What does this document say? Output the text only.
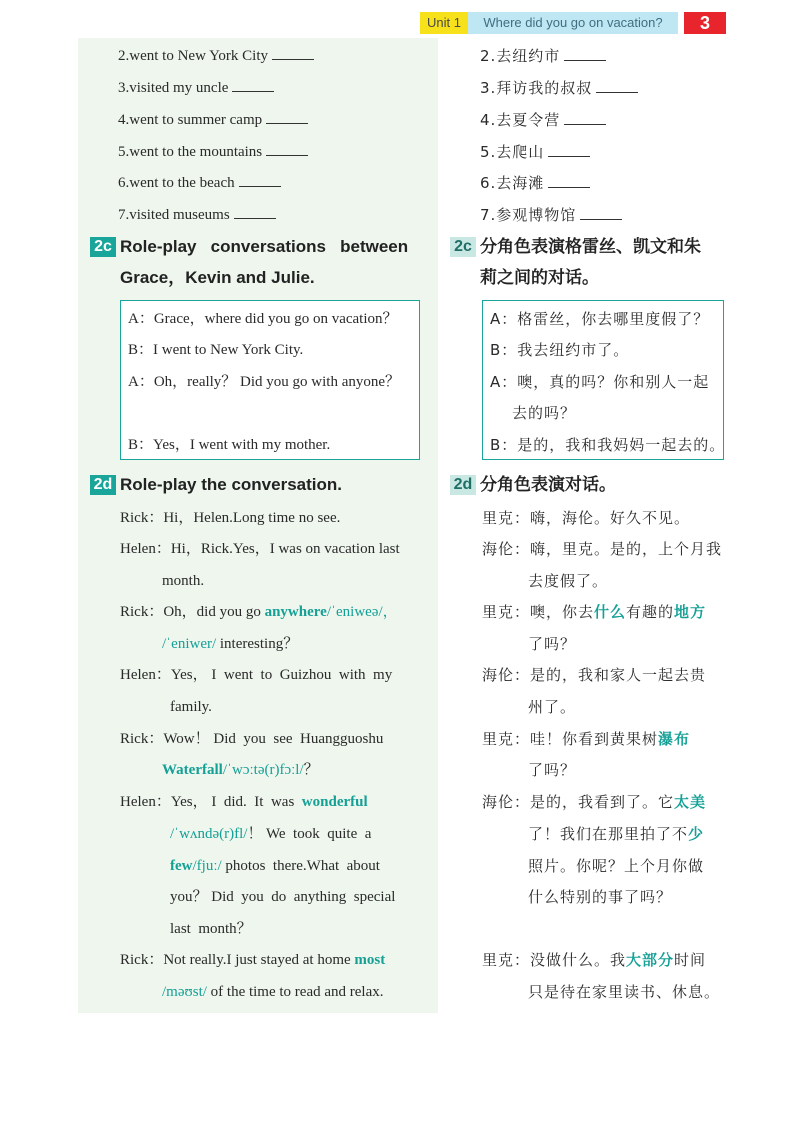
Unit 1	Where did you go on vacation?	3
2.went to New York City
3.visited my uncle
4.went to summer camp
5.went to the mountains
6.went to the beach
7.visited museums
2.去纽约市
3.拜访我的叔叔
4.去夏令营
5.去爬山
6.去海滩
7.参观博物馆
2c Role-play   conversations   between
Grace，Kevin and Julie.
2c 分角色表演格雷丝、凯文和朱
莉之间的对话。
A：Grace，where did you go on vacation？
B：I went to New York City.
A：Oh，really？ Did you go with anyone？
B：Yes，I went with my mother.
A：格雷丝，你去哪里度假了？
B：我去纽约市了。
A：噢，真的吗？你和别人一起
去的吗？
B：是的，我和我妈妈一起去的。
2d Role-play the conversation.	2d 分角色表演对话。
Rick：Hi，Helen.Long time no see.
Helen：Hi，Rick.Yes，I was on vacation last
month.
Rick：Oh，did you go anywhere/ˈeniweə/，
/ˈeniwer/ interesting？
Helen：Yes， I  went  to  Guizhou  with  my
family.
Rick：Wow！ Did  you  see  Huangguoshu
Waterfall/ˈwɔːtə(r)fɔːl/？
Helen：Yes， I  did.  It  was  wonderful
/ˈwʌndə(r)fl/！ We  took  quite  a
few/fjuː/ photos  there.What  about
you？ Did  you  do  anything  special
last  month？
Rick：Not really.I just stayed at home most
/məʊst/ of the time to read and relax.
里克：嗨，海伦。好久不见。
海伦：嗨，里克。是的，上个月我
去度假了。
里克：噢，你去什么有趣的地方
了吗？
海伦：是的，我和家人一起去贵
州了。
里克：哇！你看到黄果树瀑布
了吗？
海伦：是的，我看到了。它太美
了！我们在那里拍了不少
照片。你呢？上个月你做
什么特别的事了吗？
里克：没做什么。我大部分时间
只是待在家里读书、休息。
